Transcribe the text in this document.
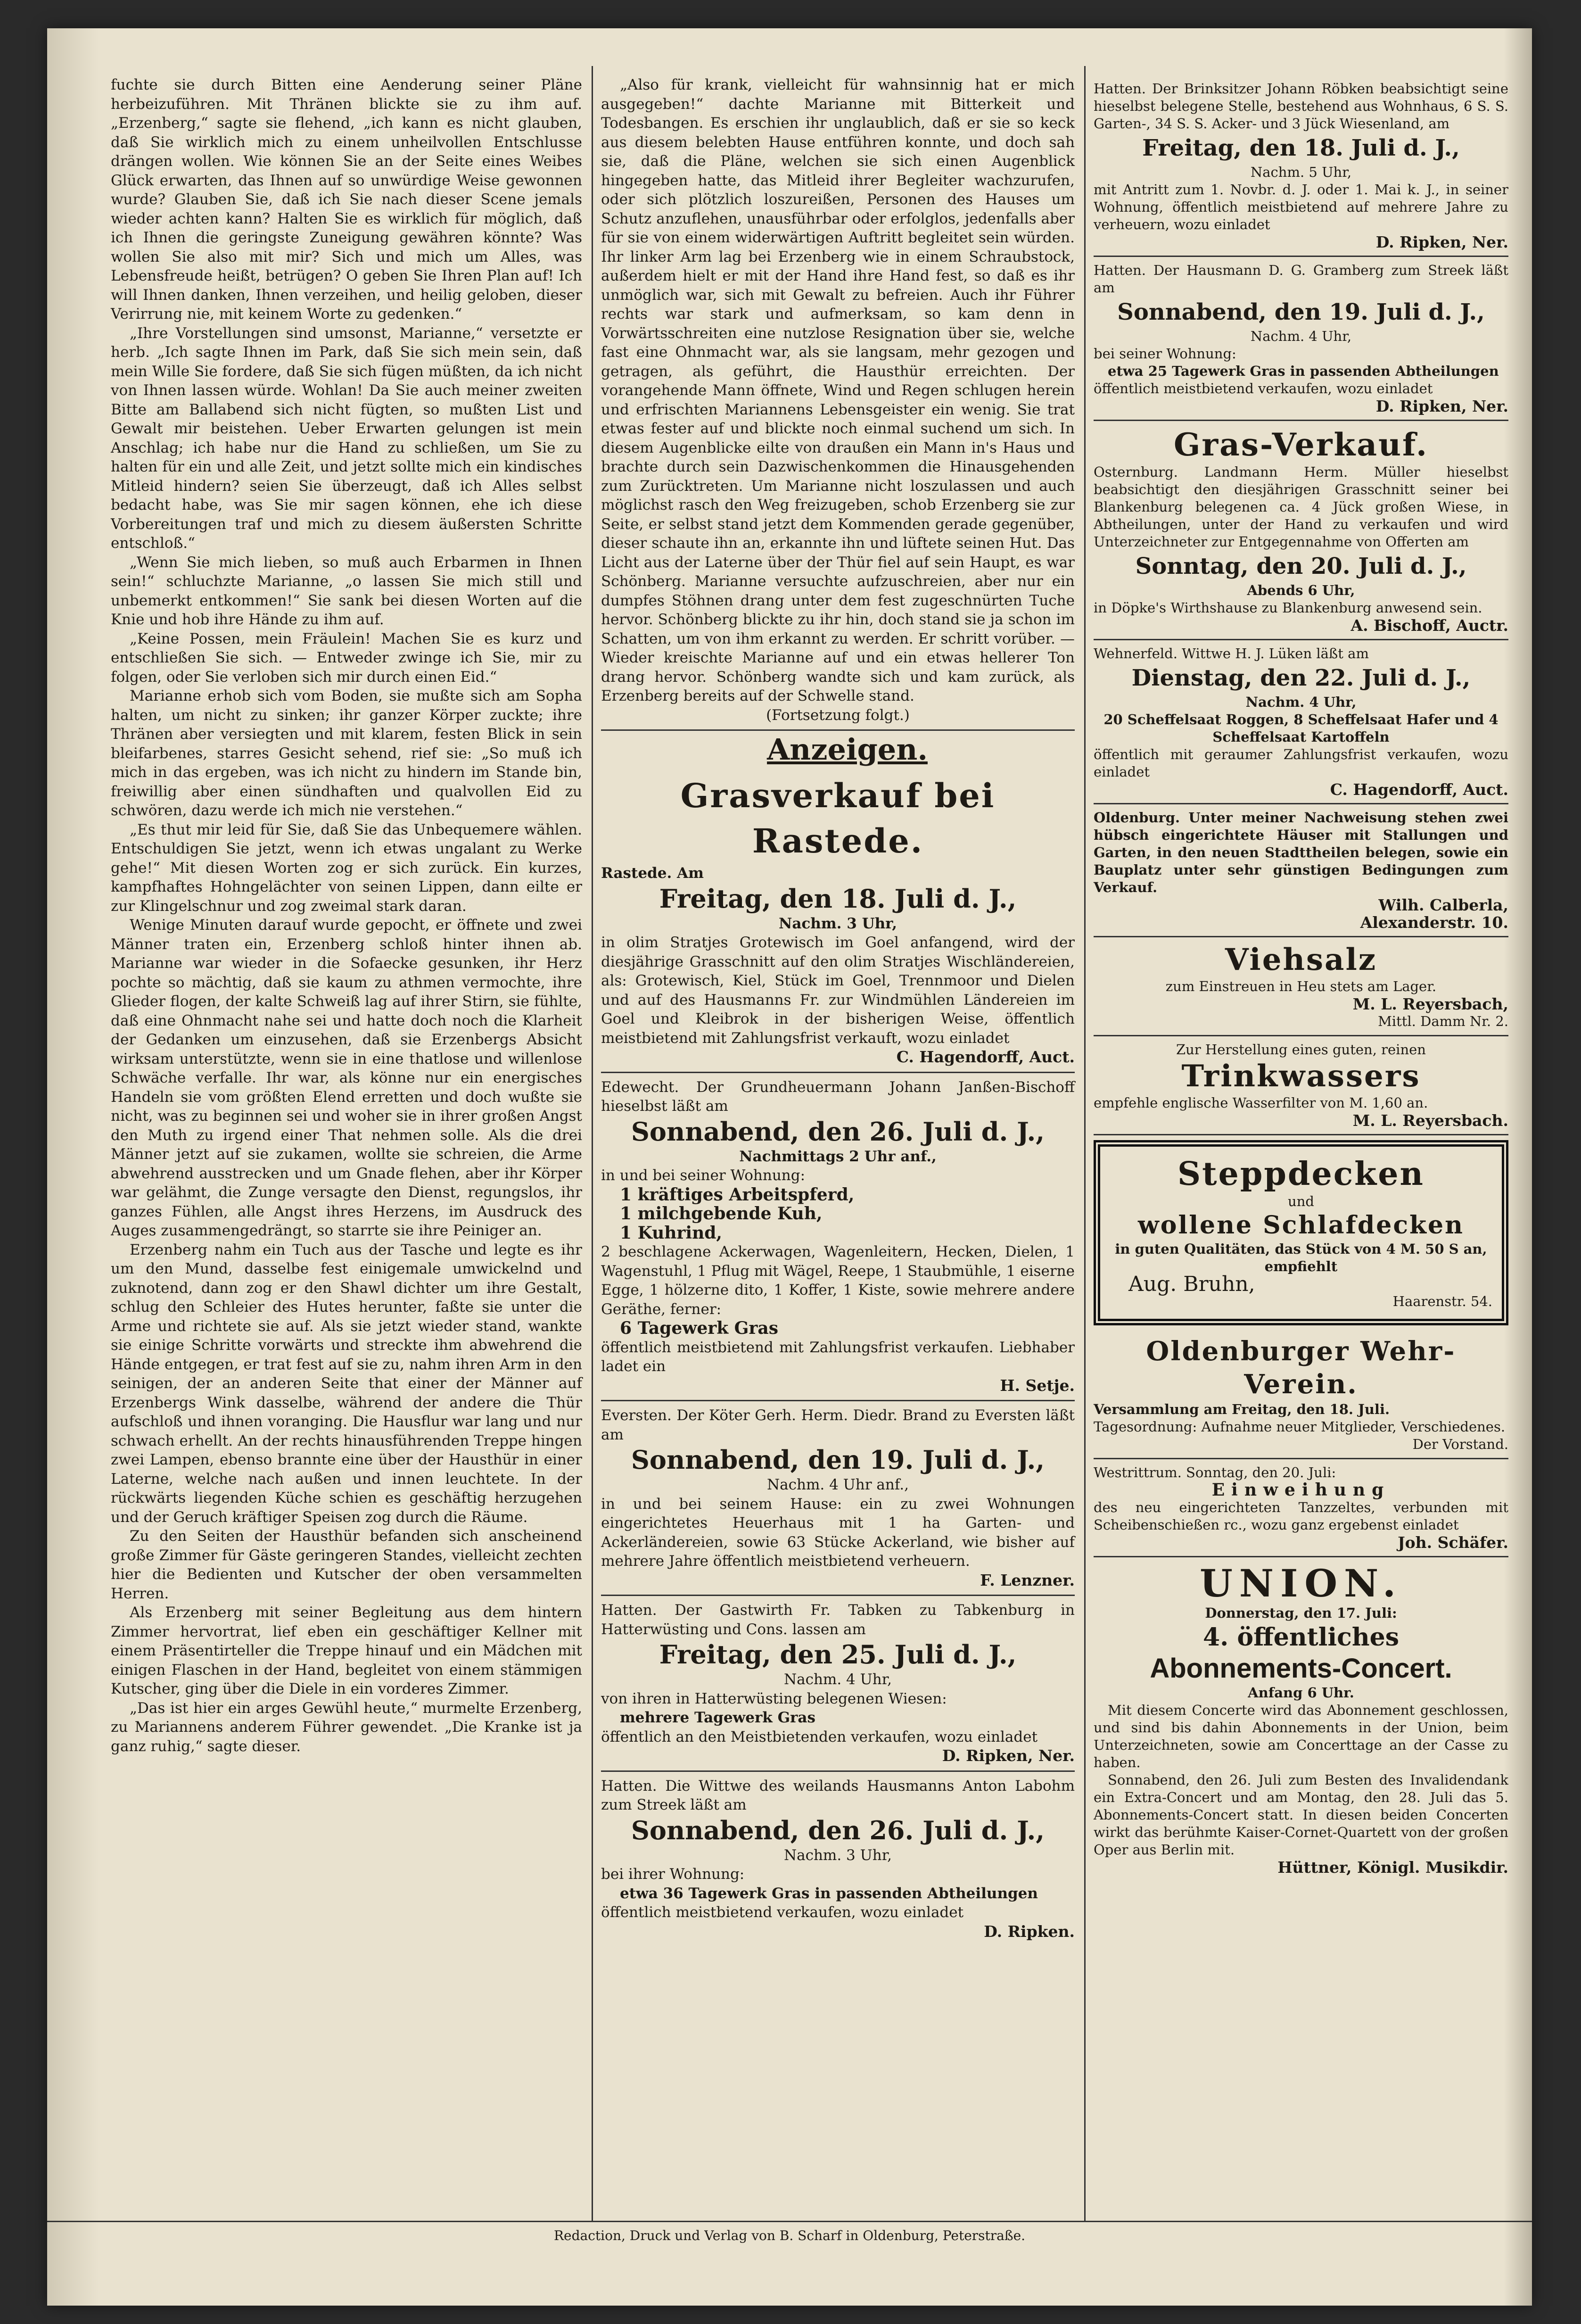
fuchte sie durch Bitten eine Aenderung seiner Pläne herbeizuführen. Mit Thränen blickte sie zu ihm auf. „Erzenberg,“ sagte sie flehend, „ich kann es nicht glauben, daß Sie wirklich mich zu einem unheilvollen Entschlusse drängen wollen. Wie können Sie an der Seite eines Weibes Glück erwarten, das Ihnen auf so unwürdige Weise gewonnen wurde? Glauben Sie, daß ich Sie nach dieser Scene jemals wieder achten kann? Halten Sie es wirklich für möglich, daß ich Ihnen die geringste Zuneigung gewähren könnte? Was wollen Sie also mit mir? Sich und mich um Alles, was Lebensfreude heißt, betrügen? O geben Sie Ihren Plan auf! Ich will Ihnen danken, Ihnen verzeihen, und heilig geloben, dieser Verirrung nie, mit keinem Worte zu gedenken.“

„Ihre Vorstellungen sind umsonst, Marianne,“ versetzte er herb. „Ich sagte Ihnen im Park, daß Sie sich mein sein, daß mein Wille Sie fordere, daß Sie sich fügen müßten, da ich nicht von Ihnen lassen würde. Wohlan! Da Sie auch meiner zweiten Bitte am Ballabend sich nicht fügten, so mußten List und Gewalt mir beistehen. Ueber Erwarten gelungen ist mein Anschlag; ich habe nur die Hand zu schließen, um Sie zu halten für ein und alle Zeit, und jetzt sollte mich ein kindisches Mitleid hindern? seien Sie überzeugt, daß ich Alles selbst bedacht habe, was Sie mir sagen können, ehe ich diese Vorbereitungen traf und mich zu diesem äußersten Schritte entschloß.“

„Wenn Sie mich lieben, so muß auch Erbarmen in Ihnen sein!“ schluchzte Marianne, „o lassen Sie mich still und unbemerkt entkommen!“ Sie sank bei diesen Worten auf die Knie und hob ihre Hände zu ihm auf.

„Keine Possen, mein Fräulein! Machen Sie es kurz und entschließen Sie sich. — Entweder zwinge ich Sie, mir zu folgen, oder Sie verloben sich mir durch einen Eid.“

Marianne erhob sich vom Boden, sie mußte sich am Sopha halten, um nicht zu sinken; ihr ganzer Körper zuckte; ihre Thränen aber versiegten und mit klarem, festen Blick in sein bleifarbenes, starres Gesicht sehend, rief sie: „So muß ich mich in das ergeben, was ich nicht zu hindern im Stande bin, freiwillig aber einen sündhaften und qualvollen Eid zu schwören, dazu werde ich mich nie verstehen.“

„Es thut mir leid für Sie, daß Sie das Unbequemere wählen. Entschuldigen Sie jetzt, wenn ich etwas ungalant zu Werke gehe!“ Mit diesen Worten zog er sich zurück. Ein kurzes, kampfhaftes Hohngelächter von seinen Lippen, dann eilte er zur Klingelschnur und zog zweimal stark daran.

Wenige Minuten darauf wurde gepocht, er öffnete und zwei Männer traten ein, Erzenberg schloß hinter ihnen ab. Marianne war wieder in die Sofaecke gesunken, ihr Herz pochte so mächtig, daß sie kaum zu athmen vermochte, ihre Glieder flogen, der kalte Schweiß lag auf ihrer Stirn, sie fühlte, daß eine Ohnmacht nahe sei und hatte doch noch die Klarheit der Gedanken um einzusehen, daß sie Erzenbergs Absicht wirksam unterstützte, wenn sie in eine thatlose und willenlose Schwäche verfalle. Ihr war, als könne nur ein energisches Handeln sie vom größten Elend erretten und doch wußte sie nicht, was zu beginnen sei und woher sie in ihrer großen Angst den Muth zu irgend einer That nehmen solle. Als die drei Männer jetzt auf sie zukamen, wollte sie schreien, die Arme abwehrend ausstrecken und um Gnade flehen, aber ihr Körper war gelähmt, die Zunge versagte den Dienst, regungslos, ihr ganzes Fühlen, alle Angst ihres Herzens, im Ausdruck des Auges zusammengedrängt, so starrte sie ihre Peiniger an.

Erzenberg nahm ein Tuch aus der Tasche und legte es ihr um den Mund, dasselbe fest einigemale umwickelnd und zuknotend, dann zog er den Shawl dichter um ihre Gestalt, schlug den Schleier des Hutes herunter, faßte sie unter die Arme und richtete sie auf. Als sie jetzt wieder stand, wankte sie einige Schritte vorwärts und streckte ihm abwehrend die Hände entgegen, er trat fest auf sie zu, nahm ihren Arm in den seinigen, der an anderen Seite that einer der Männer auf Erzenbergs Wink dasselbe, während der andere die Thür aufschloß und ihnen voranging. Die Hausflur war lang und nur schwach erhellt. An der rechts hinausführenden Treppe hingen zwei Lampen, ebenso brannte eine über der Hausthür in einer Laterne, welche nach außen und innen leuchtete. In der rückwärts liegenden Küche schien es geschäftig herzugehen und der Geruch kräftiger Speisen zog durch die Räume.

Zu den Seiten der Hausthür befanden sich anscheinend große Zimmer für Gäste geringeren Standes, vielleicht zechten hier die Bedienten und Kutscher der oben versammelten Herren.

Als Erzenberg mit seiner Begleitung aus dem hintern Zimmer hervortrat, lief eben ein geschäftiger Kellner mit einem Präsentirteller die Treppe hinauf und ein Mädchen mit einigen Flaschen in der Hand, begleitet von einem stämmigen Kutscher, ging über die Diele in ein vorderes Zimmer.

„Das ist hier ein arges Gewühl heute,“ murmelte Erzenberg, zu Mariannens anderem Führer gewendet. „Die Kranke ist ja ganz ruhig,“ sagte dieser.

„Also für krank, vielleicht für wahnsinnig hat er mich ausgegeben!“ dachte Marianne mit Bitterkeit und Todesbangen. Es erschien ihr unglaublich, daß er sie so keck aus diesem belebten Hause entführen konnte, und doch sah sie, daß die Pläne, welchen sie sich einen Augenblick hingegeben hatte, das Mitleid ihrer Begleiter wachzurufen, oder sich plötzlich loszureißen, Personen des Hauses um Schutz anzuflehen, unausführbar oder erfolglos, jedenfalls aber für sie von einem widerwärtigen Auftritt begleitet sein würden. Ihr linker Arm lag bei Erzenberg wie in einem Schraubstock, außerdem hielt er mit der Hand ihre Hand fest, so daß es ihr unmöglich war, sich mit Gewalt zu befreien. Auch ihr Führer rechts war stark und aufmerksam, so kam denn in Vorwärtsschreiten eine nutzlose Resignation über sie, welche fast eine Ohnmacht war, als sie langsam, mehr gezogen und getragen, als geführt, die Hausthür erreichten. Der vorangehende Mann öffnete, Wind und Regen schlugen herein und erfrischten Mariannens Lebensgeister ein wenig. Sie trat etwas fester auf und blickte noch einmal suchend um sich. In diesem Augenblicke eilte von draußen ein Mann in's Haus und brachte durch sein Dazwischenkommen die Hinausgehenden zum Zurücktreten. Um Marianne nicht loszulassen und auch möglichst rasch den Weg freizugeben, schob Erzenberg sie zur Seite, er selbst stand jetzt dem Kommenden gerade gegenüber, dieser schaute ihn an, erkannte ihn und lüftete seinen Hut. Das Licht aus der Laterne über der Thür fiel auf sein Haupt, es war Schönberg. Marianne versuchte aufzuschreien, aber nur ein dumpfes Stöhnen drang unter dem fest zugeschnürten Tuche hervor. Schönberg blickte zu ihr hin, doch stand sie ja schon im Schatten, um von ihm erkannt zu werden. Er schritt vorüber. — Wieder kreischte Marianne auf und ein etwas hellerer Ton drang hervor. Schönberg wandte sich und kam zurück, als Erzenberg bereits auf der Schwelle stand.

(Fortsetzung folgt.)

Anzeigen.

Grasverkauf bei Rastede.

Rastede. Am

Freitag, den 18. Juli d. J.,

Nachm. 3 Uhr,

in olim Stratjes Grotewisch im Goel anfangend, wird der diesjährige Grasschnitt auf den olim Stratjes Wischländereien, als: Grotewisch, Kiel, Stück im Goel, Trennmoor und Dielen und auf des Hausmanns Fr. zur Windmühlen Ländereien im Goel und Kleibrok in der bisherigen Weise, öffentlich meistbietend mit Zahlungsfrist verkauft, wozu einladet

C. Hagendorff, Auct.

Edewecht. Der Grundheuermann Johann Janßen-Bischoff hieselbst läßt am

Sonnabend, den 26. Juli d. J.,

Nachmittags 2 Uhr anf.,

in und bei seiner Wohnung:

1 kräftiges Arbeitspferd,

1 milchgebende Kuh,

1 Kuhrind,

2 beschlagene Ackerwagen, Wagenleitern, Hecken, Dielen, 1 Wagenstuhl, 1 Pflug mit Wägel, Reepe, 1 Staubmühle, 1 eiserne Egge, 1 hölzerne dito, 1 Koffer, 1 Kiste, sowie mehrere andere Geräthe, ferner:

6 Tagewerk Gras

öffentlich meistbietend mit Zahlungsfrist verkaufen. Liebhaber ladet ein

H. Setje.

Eversten. Der Köter Gerh. Herm. Diedr. Brand zu Eversten läßt am

Sonnabend, den 19. Juli d. J.,

Nachm. 4 Uhr anf.,

in und bei seinem Hause: ein zu zwei Wohnungen eingerichtetes Heuerhaus mit 1 ha Garten- und Ackerländereien, sowie 63 Stücke Ackerland, wie bisher auf mehrere Jahre öffentlich meistbietend verheuern.

F. Lenzner.

Hatten. Der Gastwirth Fr. Tabken zu Tabkenburg in Hatterwüsting und Cons. lassen am

Freitag, den 25. Juli d. J.,

Nachm. 4 Uhr,

von ihren in Hatterwüsting belegenen Wiesen:

mehrere Tagewerk Gras

öffentlich an den Meistbietenden verkaufen, wozu einladet

D. Ripken, Ner.

Hatten. Die Wittwe des weilands Hausmanns Anton Labohm zum Streek läßt am

Sonnabend, den 26. Juli d. J.,

Nachm. 3 Uhr,

bei ihrer Wohnung:

etwa 36 Tagewerk Gras in passenden Abtheilungen

öffentlich meistbietend verkaufen, wozu einladet

D. Ripken.

Hatten. Der Brinksitzer Johann Röbken beabsichtigt seine hieselbst belegene Stelle, bestehend aus Wohnhaus, 6 S. S. Garten-, 34 S. S. Acker- und 3 Jück Wiesenland, am

Freitag, den 18. Juli d. J.,

Nachm. 5 Uhr,

mit Antritt zum 1. Novbr. d. J. oder 1. Mai k. J., in seiner Wohnung, öffentlich meistbietend auf mehrere Jahre zu verheuern, wozu einladet

D. Ripken, Ner.

Hatten. Der Hausmann D. G. Gramberg zum Streek läßt am

Sonnabend, den 19. Juli d. J.,

Nachm. 4 Uhr,

bei seiner Wohnung:

etwa 25 Tagewerk Gras in passenden Abtheilungen

öffentlich meistbietend verkaufen, wozu einladet

D. Ripken, Ner.

Gras-Verkauf.

Osternburg. Landmann Herm. Müller hieselbst beabsichtigt den diesjährigen Grasschnitt seiner bei Blankenburg belegenen ca. 4 Jück großen Wiese, in Abtheilungen, unter der Hand zu verkaufen und wird Unterzeichneter zur Entgegennahme von Offerten am

Sonntag, den 20. Juli d. J.,

Abends 6 Uhr,

in Döpke's Wirthshause zu Blankenburg anwesend sein.

A. Bischoff, Auctr.

Wehnerfeld. Wittwe H. J. Lüken läßt am

Dienstag, den 22. Juli d. J.,

Nachm. 4 Uhr,

20 Scheffelsaat Roggen, 8 Scheffelsaat Hafer und 4 Scheffelsaat Kartoffeln

öffentlich mit geraumer Zahlungsfrist verkaufen, wozu einladet

C. Hagendorff, Auct.

Oldenburg. Unter meiner Nachweisung stehen zwei hübsch eingerichtete Häuser mit Stallungen und Garten, in den neuen Stadttheilen belegen, sowie ein Bauplatz unter sehr günstigen Bedingungen zum Verkauf.

Wilh. Calberla,

Alexanderstr. 10.

Viehsalz

zum Einstreuen in Heu stets am Lager.

M. L. Reyersbach,

Mittl. Damm Nr. 2.

Zur Herstellung eines guten, reinen

Trinkwassers

empfehle englische Wasserfilter von M. 1,60 an.

M. L. Reyersbach.

Steppdecken

und

wollene Schlafdecken

in guten Qualitäten, das Stück von 4 M. 50 S an, empfiehlt

Aug. Bruhn,

Haarenstr. 54.

Oldenburger Wehr-Verein.

Versammlung am Freitag, den 18. Juli.

Tagesordnung: Aufnahme neuer Mitglieder, Verschiedenes.

Der Vorstand.

Westrittrum. Sonntag, den 20. Juli:

Einweihung

des neu eingerichteten Tanzzeltes, verbunden mit Scheibenschießen rc., wozu ganz ergebenst einladet

Joh. Schäfer.

UNION.

Donnerstag, den 17. Juli:

4. öffentliches

Abonnements-Concert.

Anfang 6 Uhr.

Mit diesem Concerte wird das Abonnement geschlossen, und sind bis dahin Abonnements in der Union, beim Unterzeichneten, sowie am Concerttage an der Casse zu haben.

Sonnabend, den 26. Juli zum Besten des Invalidendank ein Extra-Concert und am Montag, den 28. Juli das 5. Abonnements-Concert statt. In diesen beiden Concerten wirkt das berühmte Kaiser-Cornet-Quartett von der großen Oper aus Berlin mit.

Hüttner, Königl. Musikdir.

Redaction, Druck und Verlag von B. Scharf in Oldenburg, Peterstraße.
